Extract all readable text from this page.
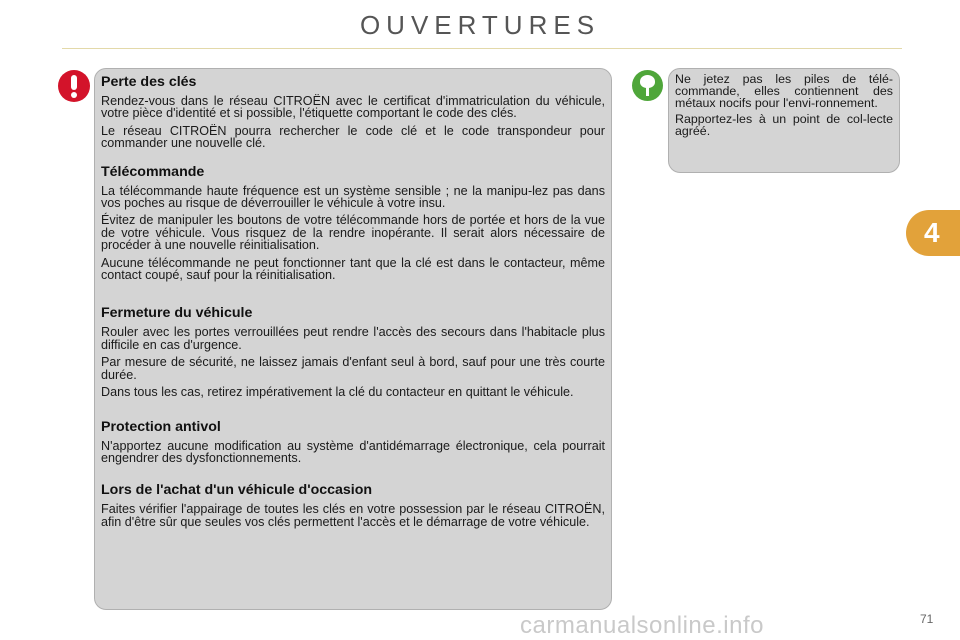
OUVERTURES
Perte des clés

Rendez-vous dans le réseau CITROËN avec le certificat d'immatriculation du véhicule, votre pièce d'identité et si possible, l'étiquette comportant le code des clés.

Le réseau CITROËN pourra rechercher le code clé et le code transpondeur pour commander une nouvelle clé.

Télécommande

La télécommande haute fréquence est un système sensible ; ne la manipu-lez pas dans vos poches au risque de déverrouiller le véhicule à votre insu.

Évitez de manipuler les boutons de votre télécommande hors de portée et hors de la vue de votre véhicule. Vous risquez de la rendre inopérante. Il serait alors nécessaire de procéder à une nouvelle réinitialisation.

Aucune télécommande ne peut fonctionner tant que la clé est dans le contacteur, même contact coupé, sauf pour la réinitialisation.

Fermeture du véhicule

Rouler avec les portes verrouillées peut rendre l'accès des secours dans l'habitacle plus difficile en cas d'urgence.

Par mesure de sécurité, ne laissez jamais d'enfant seul à bord, sauf pour une très courte durée.

Dans tous les cas, retirez impérativement la clé du contacteur en quittant le véhicule.

Protection antivol

N'apportez aucune modification au système d'antidémarrage électronique, cela pourrait engendrer des dysfonctionnements.

Lors de l'achat d'un véhicule d'occasion

Faites vérifier l'appairage de toutes les clés en votre possession par le réseau CITROËN, afin d'être sûr que seules vos clés permettent l'accès et le démarrage de votre véhicule.

Ne jetez pas les piles de télé-commande, elles contiennent des métaux nocifs pour l'envi-ronnement.

Rapportez-les à un point de col-lecte agréé.

4
carmanualsonline.info	71
